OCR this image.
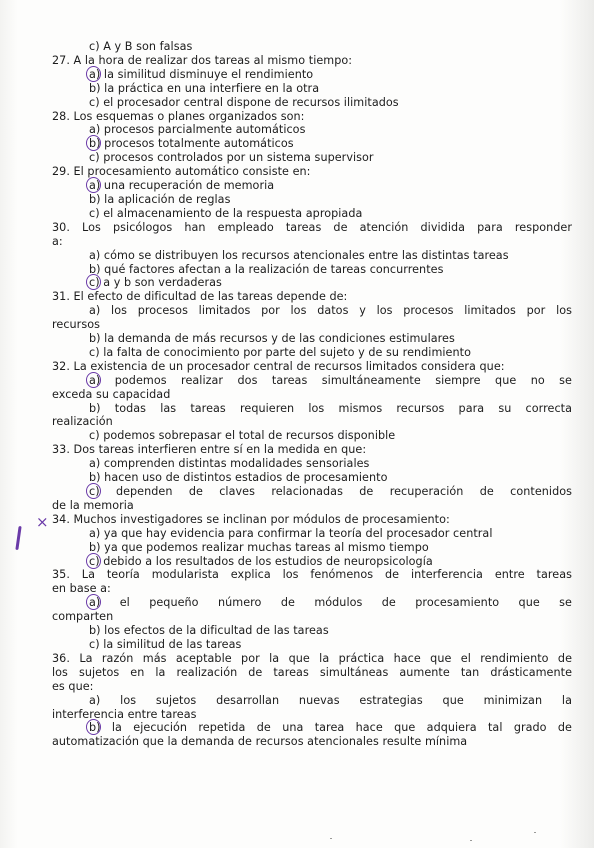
c) A y B son falsas
27. A la hora de realizar dos tareas al mismo tiempo:
a) la similitud disminuye el rendimiento
b) la práctica en una interfiere en la otra
c) el procesador central dispone de recursos ilimitados
28. Los esquemas o planes organizados son:
a) procesos parcialmente automáticos
b) procesos totalmente automáticos
c) procesos controlados por un sistema supervisor
29. El procesamiento automático consiste en:
a) una recuperación de memoria
b) la aplicación de reglas
c) el almacenamiento de la respuesta apropiada
30. Los psicólogos han empleado tareas de atención dividida para responder
a:
a) cómo se distribuyen los recursos atencionales entre las distintas tareas
b) qué factores afectan a la realización de tareas concurrentes
c) a y b son verdaderas
31. El efecto de dificultad de las tareas depende de:
a) los procesos limitados por los datos y los procesos limitados por los
recursos
b) la demanda de más recursos y de las condiciones estimulares
c) la falta de conocimiento por parte del sujeto y de su rendimiento
32. La existencia de un procesador central de recursos limitados considera que:
a) podemos realizar dos tareas simultáneamente siempre que no se
exceda su capacidad
b) todas las tareas requieren los mismos recursos para su correcta
realización
c) podemos sobrepasar el total de recursos disponible
33. Dos tareas interfieren entre sí en la medida en que:
a) comprenden distintas modalidades sensoriales
b) hacen uso de distintos estadios de procesamiento
c) dependen de claves relacionadas de recuperación de contenidos
de la memoria
34. Muchos investigadores se inclinan por módulos de procesamiento:
a) ya que hay evidencia para confirmar la teoría del procesador central
b) ya que podemos realizar muchas tareas al mismo tiempo
c) debido a los resultados de los estudios de neuropsicología
35. La teoría modularista explica los fenómenos de interferencia entre tareas
en base a:
a) el pequeño número de módulos de procesamiento que se
comparten
b) los efectos de la dificultad de las tareas
c) la similitud de las tareas
36. La razón más aceptable por la que la práctica hace que el rendimiento de
los sujetos en la realización de tareas simultáneas aumente tan drásticamente
es que:
a) los sujetos desarrollan nuevas estrategias que minimizan la
interferencia entre tareas
b) la ejecución repetida de una tarea hace que adquiera tal grado de
automatización que la demanda de recursos atencionales resulte mínima
×
